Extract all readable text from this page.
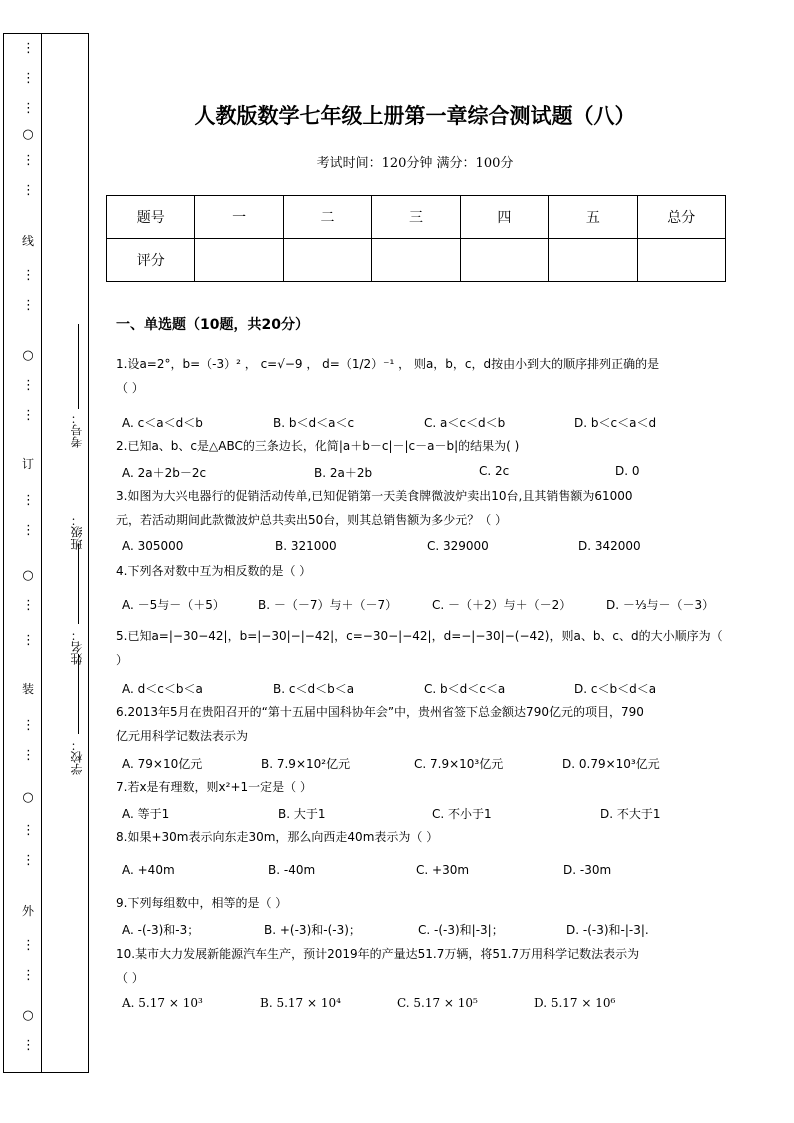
⋮
⋮
⋮
○
⋮
⋮
线
⋮
⋮
○
⋮
⋮
订
⋮
⋮
○
⋮
⋮
装
⋮
⋮
○
⋮
⋮
外
⋮
⋮
○
⋮
考号：
班级：
姓名：
学校：
人教版数学七年级上册第一章综合测试题（八）
考试时间：120分钟 满分：100分
题号	一	二	三	四	五	总分
评分						
一、单选题（10题，共20分）
1.设a=2°，b=（-3）² ， c=√−9 ， d=（1/2）⁻¹ ， 则a，b，c，d按由小到大的顺序排列正确的是
（ ）
A. c＜a＜d＜b	B. b＜d＜a＜c	C. a＜c＜d＜b	D. b＜c＜a＜d
2.已知a、b、c是△ABC的三条边长，化简|a＋b－c|－|c－a－b|的结果为( )
A. 2a＋2b－2c	B. 2a＋2b	C. 2c	D. 0
3.如图为大兴电器行的促销活动传单,已知促销第一天美食牌微波炉卖出10台,且其销售额为61000
元，若活动期间此款微波炉总共卖出50台，则其总销售额为多少元？（ ）
A. 305000	B. 321000	C. 329000	D. 342000
4.下列各对数中互为相反数的是（ ）
A. －5与－（＋5）	B. －（－7）与＋（－7）	C. －（＋2）与＋（－2）	D. －⅓与－（－3）
5.已知a=|−30−42|，b=|−30|−|−42|，c=−30−|−42|，d=−|−30|−(−42)，则a、b、c、d的大小顺序为（
）
A. d＜c＜b＜a	B. c＜d＜b＜a	C. b＜d＜c＜a	D. c＜b＜d＜a
6.2013年5月在贵阳召开的“第十五届中国科协年会”中，贵州省签下总金额达790亿元的项目，790
亿元用科学记数法表示为
A. 79×10亿元	B. 7.9×10²亿元	C. 7.9×10³亿元	D. 0.79×10³亿元
7.若x是有理数，则x²+1一定是（ ）
A. 等于1	B. 大于1	C. 不小于1	D. 不大于1
8.如果+30m表示向东走30m，那么向西走40m表示为（ ）
A. +40m	B. -40m	C. +30m	D. -30m
9.下列每组数中，相等的是（ ）
A. -(-3)和-3；	B. +(-3)和-(-3)；	C. -(-3)和|-3|；	D. -(-3)和-|-3|.
10.某市大力发展新能源汽车生产，预计2019年的产量达51.7万辆，将51.7万用科学记数法表示为
（ ）
A. 5.17 × 10³	B. 5.17 × 10⁴	C. 5.17 × 10⁵	D. 5.17 × 10⁶
